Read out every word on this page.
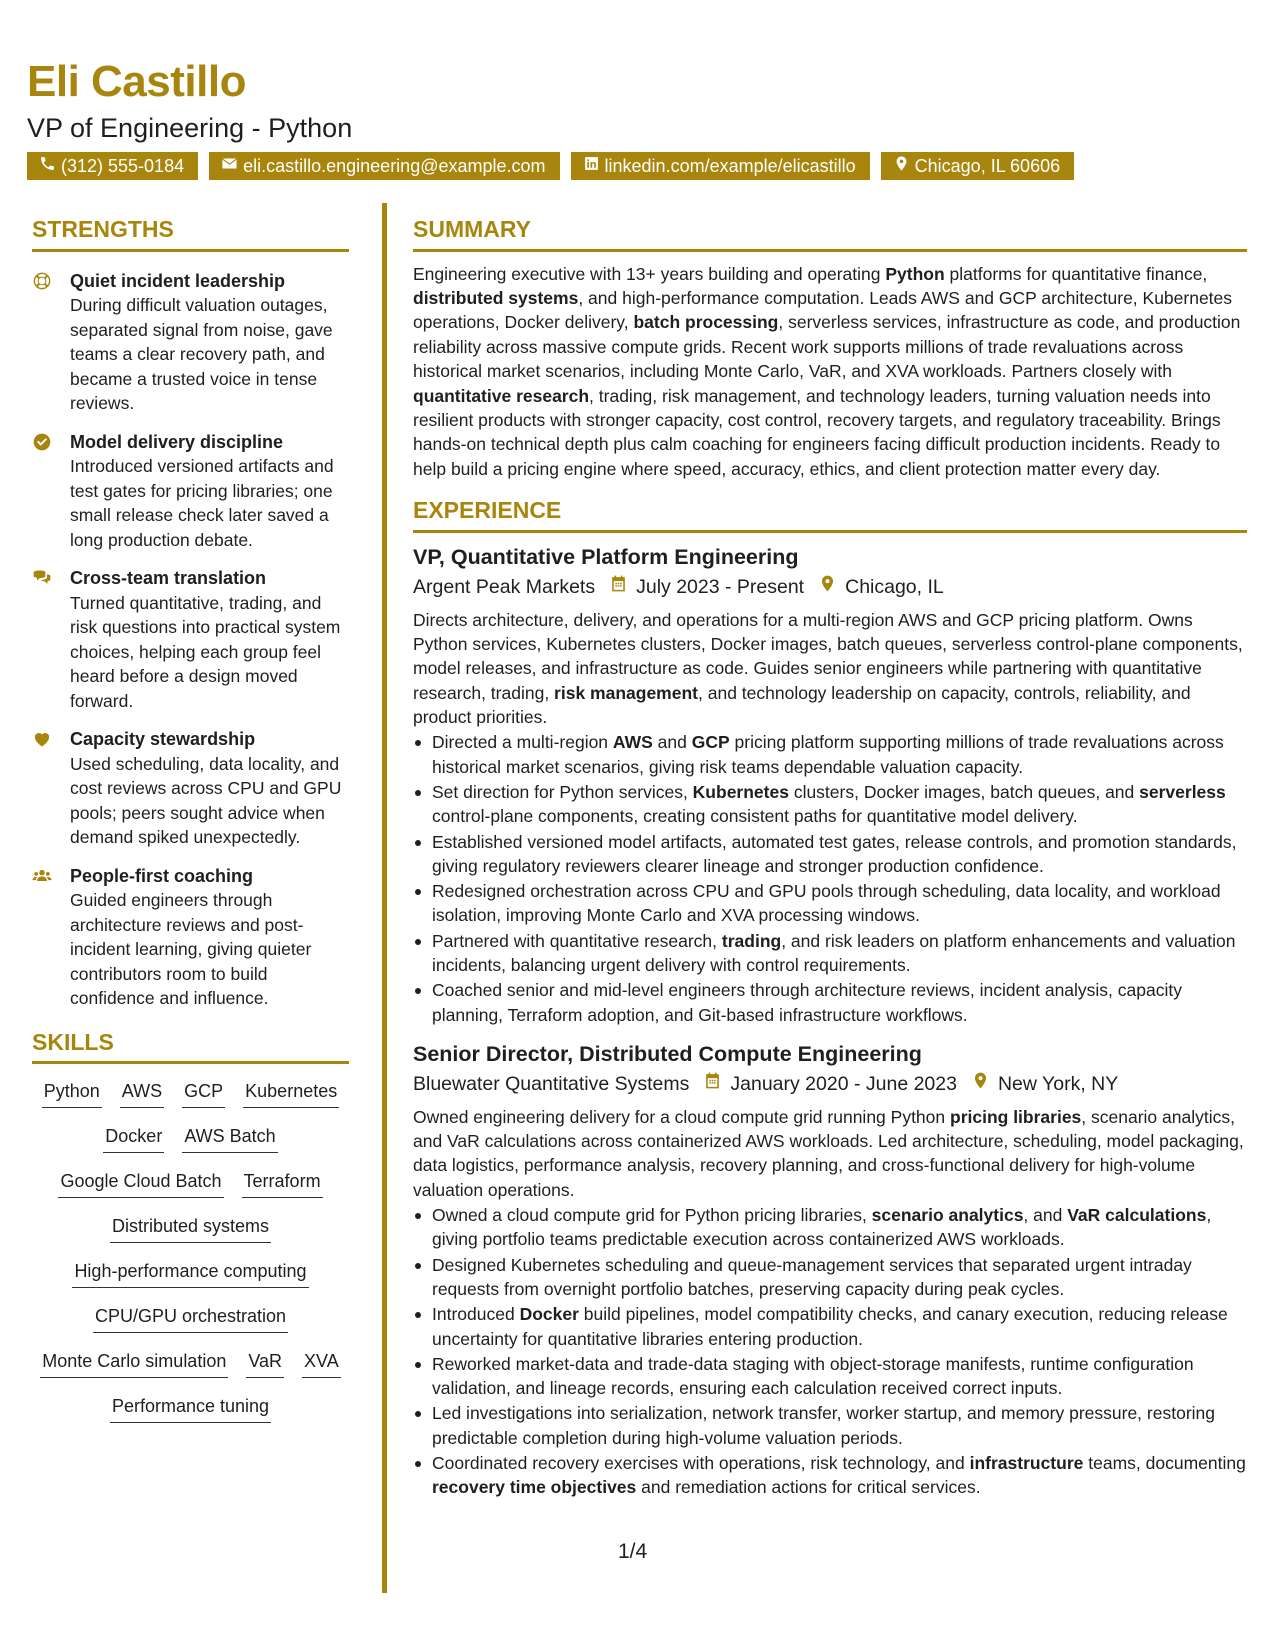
Eli Castillo
VP of Engineering - Python
(312) 555-0184	eli.castillo.engineering@example.com	linkedin.com/example/elicastillo	Chicago, IL 60606
STRENGTHS
Quiet incident leadership
During difficult valuation outages, separated signal from noise, gave teams a clear recovery path, and became a trusted voice in tense reviews.
Model delivery discipline
Introduced versioned artifacts and test gates for pricing libraries; one small release check later saved a long production debate.
Cross-team translation
Turned quantitative, trading, and risk questions into practical system choices, helping each group feel heard before a design moved forward.
Capacity stewardship
Used scheduling, data locality, and cost reviews across CPU and GPU pools; peers sought advice when demand spiked unexpectedly.
People-first coaching
Guided engineers through architecture reviews and post-incident learning, giving quieter contributors room to build confidence and influence.
SKILLS
Python AWS GCP Kubernetes
Docker AWS Batch
Google Cloud Batch Terraform
Distributed systems
High-performance computing
CPU/GPU orchestration
Monte Carlo simulation VaR XVA
Performance tuning
SUMMARY
Engineering executive with 13+ years building and operating Python platforms for quantitative finance, distributed systems, and high-performance computation. Leads AWS and GCP architecture, Kubernetes operations, Docker delivery, batch processing, serverless services, infrastructure as code, and production reliability across massive compute grids. Recent work supports millions of trade revaluations across historical market scenarios, including Monte Carlo, VaR, and XVA workloads. Partners closely with quantitative research, trading, risk management, and technology leaders, turning valuation needs into resilient products with stronger capacity, cost control, recovery targets, and regulatory traceability. Brings hands-on technical depth plus calm coaching for engineers facing difficult production incidents. Ready to help build a pricing engine where speed, accuracy, ethics, and client protection matter every day.
EXPERIENCE
VP, Quantitative Platform Engineering
Argent Peak Markets July 2023 - Present Chicago, IL
Directs architecture, delivery, and operations for a multi-region AWS and GCP pricing platform. Owns Python services, Kubernetes clusters, Docker images, batch queues, serverless control-plane components, model releases, and infrastructure as code. Guides senior engineers while partnering with quantitative research, trading, risk management, and technology leadership on capacity, controls, reliability, and product priorities.
Directed a multi-region AWS and GCP pricing platform supporting millions of trade revaluations across historical market scenarios, giving risk teams dependable valuation capacity.
Set direction for Python services, Kubernetes clusters, Docker images, batch queues, and serverless control-plane components, creating consistent paths for quantitative model delivery.
Established versioned model artifacts, automated test gates, release controls, and promotion standards, giving regulatory reviewers clearer lineage and stronger production confidence.
Redesigned orchestration across CPU and GPU pools through scheduling, data locality, and workload isolation, improving Monte Carlo and XVA processing windows.
Partnered with quantitative research, trading, and risk leaders on platform enhancements and valuation incidents, balancing urgent delivery with control requirements.
Coached senior and mid-level engineers through architecture reviews, incident analysis, capacity planning, Terraform adoption, and Git-based infrastructure workflows.
Senior Director, Distributed Compute Engineering
Bluewater Quantitative Systems January 2020 - June 2023 New York, NY
Owned engineering delivery for a cloud compute grid running Python pricing libraries, scenario analytics, and VaR calculations across containerized AWS workloads. Led architecture, scheduling, model packaging, data logistics, performance analysis, recovery planning, and cross-functional delivery for high-volume valuation operations.
Owned a cloud compute grid for Python pricing libraries, scenario analytics, and VaR calculations, giving portfolio teams predictable execution across containerized AWS workloads.
Designed Kubernetes scheduling and queue-management services that separated urgent intraday requests from overnight portfolio batches, preserving capacity during peak cycles.
Introduced Docker build pipelines, model compatibility checks, and canary execution, reducing release uncertainty for quantitative libraries entering production.
Reworked market-data and trade-data staging with object-storage manifests, runtime configuration validation, and lineage records, ensuring each calculation received correct inputs.
Led investigations into serialization, network transfer, worker startup, and memory pressure, restoring predictable completion during high-volume valuation periods.
Coordinated recovery exercises with operations, risk technology, and infrastructure teams, documenting recovery time objectives and remediation actions for critical services.
1/4
